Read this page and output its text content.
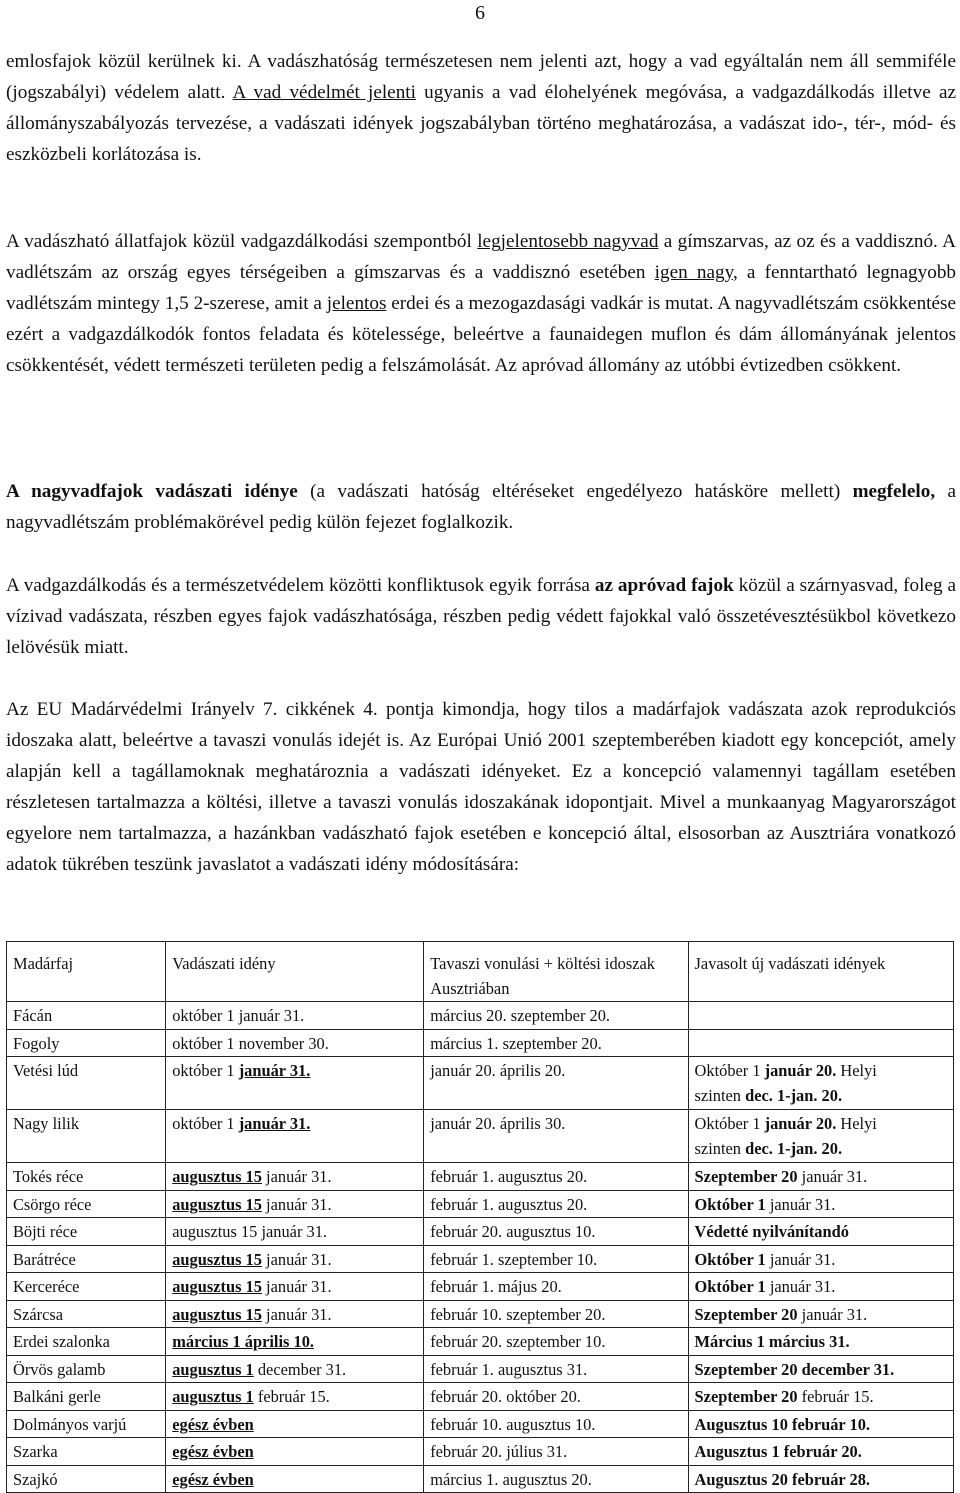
6

emlosfajok közül kerülnek ki. A vadászhatóság természetesen nem jelenti azt, hogy a vad egyáltalán nem áll semmiféle (jogszabályi) védelem alatt. A vad védelmét jelenti ugyanis a vad élohelyének megóvása, a vadgazdálkodás illetve az állományszabályozás tervezése, a vadászati idények jogszabályban történo meghatározása, a vadászat ido-, tér-, mód- és eszközbeli korlátozása is.

A vadászható állatfajok közül vadgazdálkodási szempontból legjelentosebb nagyvad a gímszarvas, az oz és a vaddisznó. A vadlétszám az ország egyes térségeiben a gímszarvas és a vaddisznó esetében igen nagy, a fenntartható legnagyobb vadlétszám mintegy 1,5 2-szerese, amit a jelentos erdei és a mezogazdasági vadkár is mutat. A nagyvadlétszám csökkentése ezért a vadgazdálkodók fontos feladata és kötelessége, beleértve a faunaidegen muflon és dám állományának jelentos csökkentését, védett természeti területen pedig a felszámolását. Az apróvad állomány az utóbbi évtizedben csökkent.

A nagyvadfajok vadászati idénye (a vadászati hatóság eltéréseket engedélyezo hatásköre mellett) megfelelo, a nagyvadlétszám problémakörével pedig külön fejezet foglalkozik.

A vadgazdálkodás és a természetvédelem közötti konfliktusok egyik forrása az apróvad fajok közül a szárnyasvad, foleg a vízivad vadászata, részben egyes fajok vadászhatósága, részben pedig védett fajokkal való összetévesztésükbol következo lelövésük miatt.

Az EU Madárvédelmi Irányelv 7. cikkének 4. pontja kimondja, hogy tilos a madárfajok vadászata azok reprodukciós idoszaka alatt, beleértve a tavaszi vonulás idejét is. Az Európai Unió 2001 szeptemberében kiadott egy koncepciót, amely alapján kell a tagállamoknak meghatároznia a vadászati idényeket. Ez a koncepció valamennyi tagállam esetében részletesen tartalmazza a költési, illetve a tavaszi vonulás idoszakának idopontjait. Mivel a munkaanyag Magyarországot egyelore nem tartalmazza, a hazánkban vadászható fajok esetében e koncepció által, elsosorban az Ausztriára vonatkozó adatok tükrében teszünk javaslatot a vadászati idény módosítására:

Madárfaj	Vadászati idény	Tavaszi vonulási + költési idoszak Ausztriában	Javasolt új vadászati idények
Fácán	október 1 január 31.	március 20. szeptember 20.	
Fogoly	október 1 november 30.	március 1. szeptember 20.	
Vetési lúd	október 1 január 31.	január 20. április 20.	Október 1 január 20. Helyi
szinten dec. 1-jan. 20.
Nagy lilik	október 1 január 31.	január 20. április 30.	Október 1 január 20. Helyi
szinten dec. 1-jan. 20.
Tokés réce	augusztus 15 január 31.	február 1. augusztus 20.	Szeptember 20 január 31.
Csörgo réce	augusztus 15 január 31.	február 1. augusztus 20.	Október 1 január 31.
Böjti réce	augusztus 15 január 31.	február 20. augusztus 10.	Védetté nyilvánítandó
Barátréce	augusztus 15 január 31.	február 1. szeptember 10.	Október 1 január 31.
Kercerécе	augusztus 15 január 31.	február 1. május 20.	Október 1 január 31.
Szárcsa	augusztus 15 január 31.	február 10. szeptember 20.	Szeptember 20 január 31.
Erdei szalonka	március 1 április 10.	február 20. szeptember 10.	Március 1 március 31.
Örvös galamb	augusztus 1 december 31.	február 1. augusztus 31.	Szeptember 20 december 31.
Balkáni gerle	augusztus 1 február 15.	február 20. október 20.	Szeptember 20 február 15.
Dolmányos varjú	egész évben	február 10. augusztus 10.	Augusztus 10 február 10.
Szarka	egész évben	február 20. július 31.	Augusztus 1 február 20.
Szajkó	egész évben	március 1. augusztus 20.	Augusztus 20 február 28.
